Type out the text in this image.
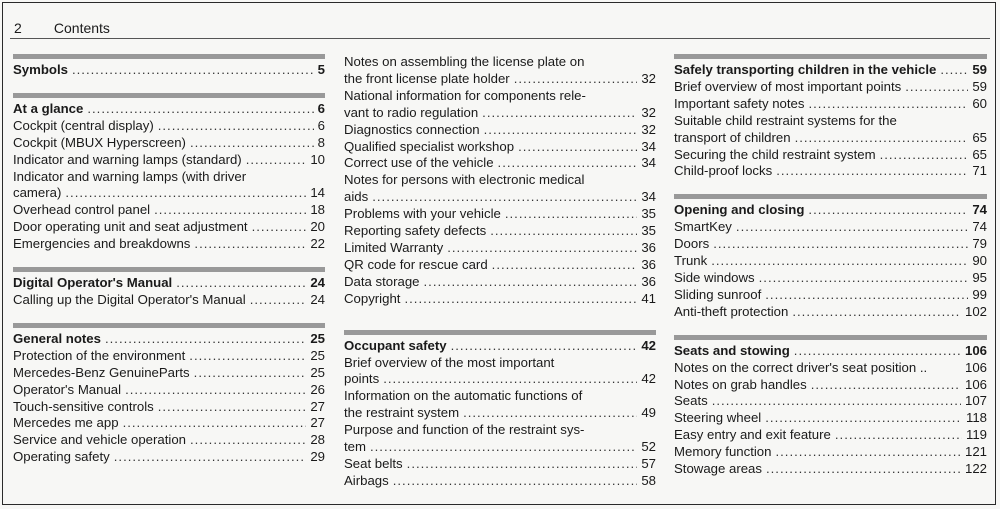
2 Contents
Symbols .....	5
At a glance .....	6
Cockpit (central display) .....	6
Cockpit (MBUX Hyperscreen) .....	8
Indicator and warning lamps (standard) .....	10
Indicator and warning lamps (with driver
camera) .....	14
Overhead control panel .....	18
Door operating unit and seat adjustment .....	20
Emergencies and breakdowns .....	22
Digital Operator's Manual .....	24
Calling up the Digital Operator's Manual .....	24
General notes .....	25
Protection of the environment .....	25
Mercedes-Benz GenuineParts .....	25
Operator's Manual .....	26
Touch-sensitive controls .....	27
Mercedes me app .....	27
Service and vehicle operation .....	28
Operating safety .....	29
Notes on assembling the license plate on
the front license plate holder .....	32
National information for components rele-
vant to radio regulation .....	32
Diagnostics connection .....	32
Qualified specialist workshop .....	34
Correct use of the vehicle .....	34
Notes for persons with electronic medical
aids .....	34
Problems with your vehicle .....	35
Reporting safety defects .....	35
Limited Warranty .....	36
QR code for rescue card .....	36
Data storage .....	36
Copyright .....	41
Occupant safety .....	42
Brief overview of the most important
points .....	42
Information on the automatic functions of
the restraint system .....	49
Purpose and function of the restraint sys-
tem .....	52
Seat belts .....	57
Airbags .....	58
Safely transporting children in the vehicle .....	59
Brief overview of most important points .....	59
Important safety notes .....	60
Suitable child restraint systems for the
transport of children .....	65
Securing the child restraint system .....	65
Child-proof locks .....	71
Opening and closing .....	74
SmartKey .....	74
Doors .....	79
Trunk .....	90
Side windows .....	95
Sliding sunroof .....	99
Anti-theft protection .....	102
Seats and stowing .....	106
Notes on the correct driver's seat position ..	106
Notes on grab handles .....	106
Seats .....	107
Steering wheel .....	118
Easy entry and exit feature .....	119
Memory function .....	121
Stowage areas .....	122
